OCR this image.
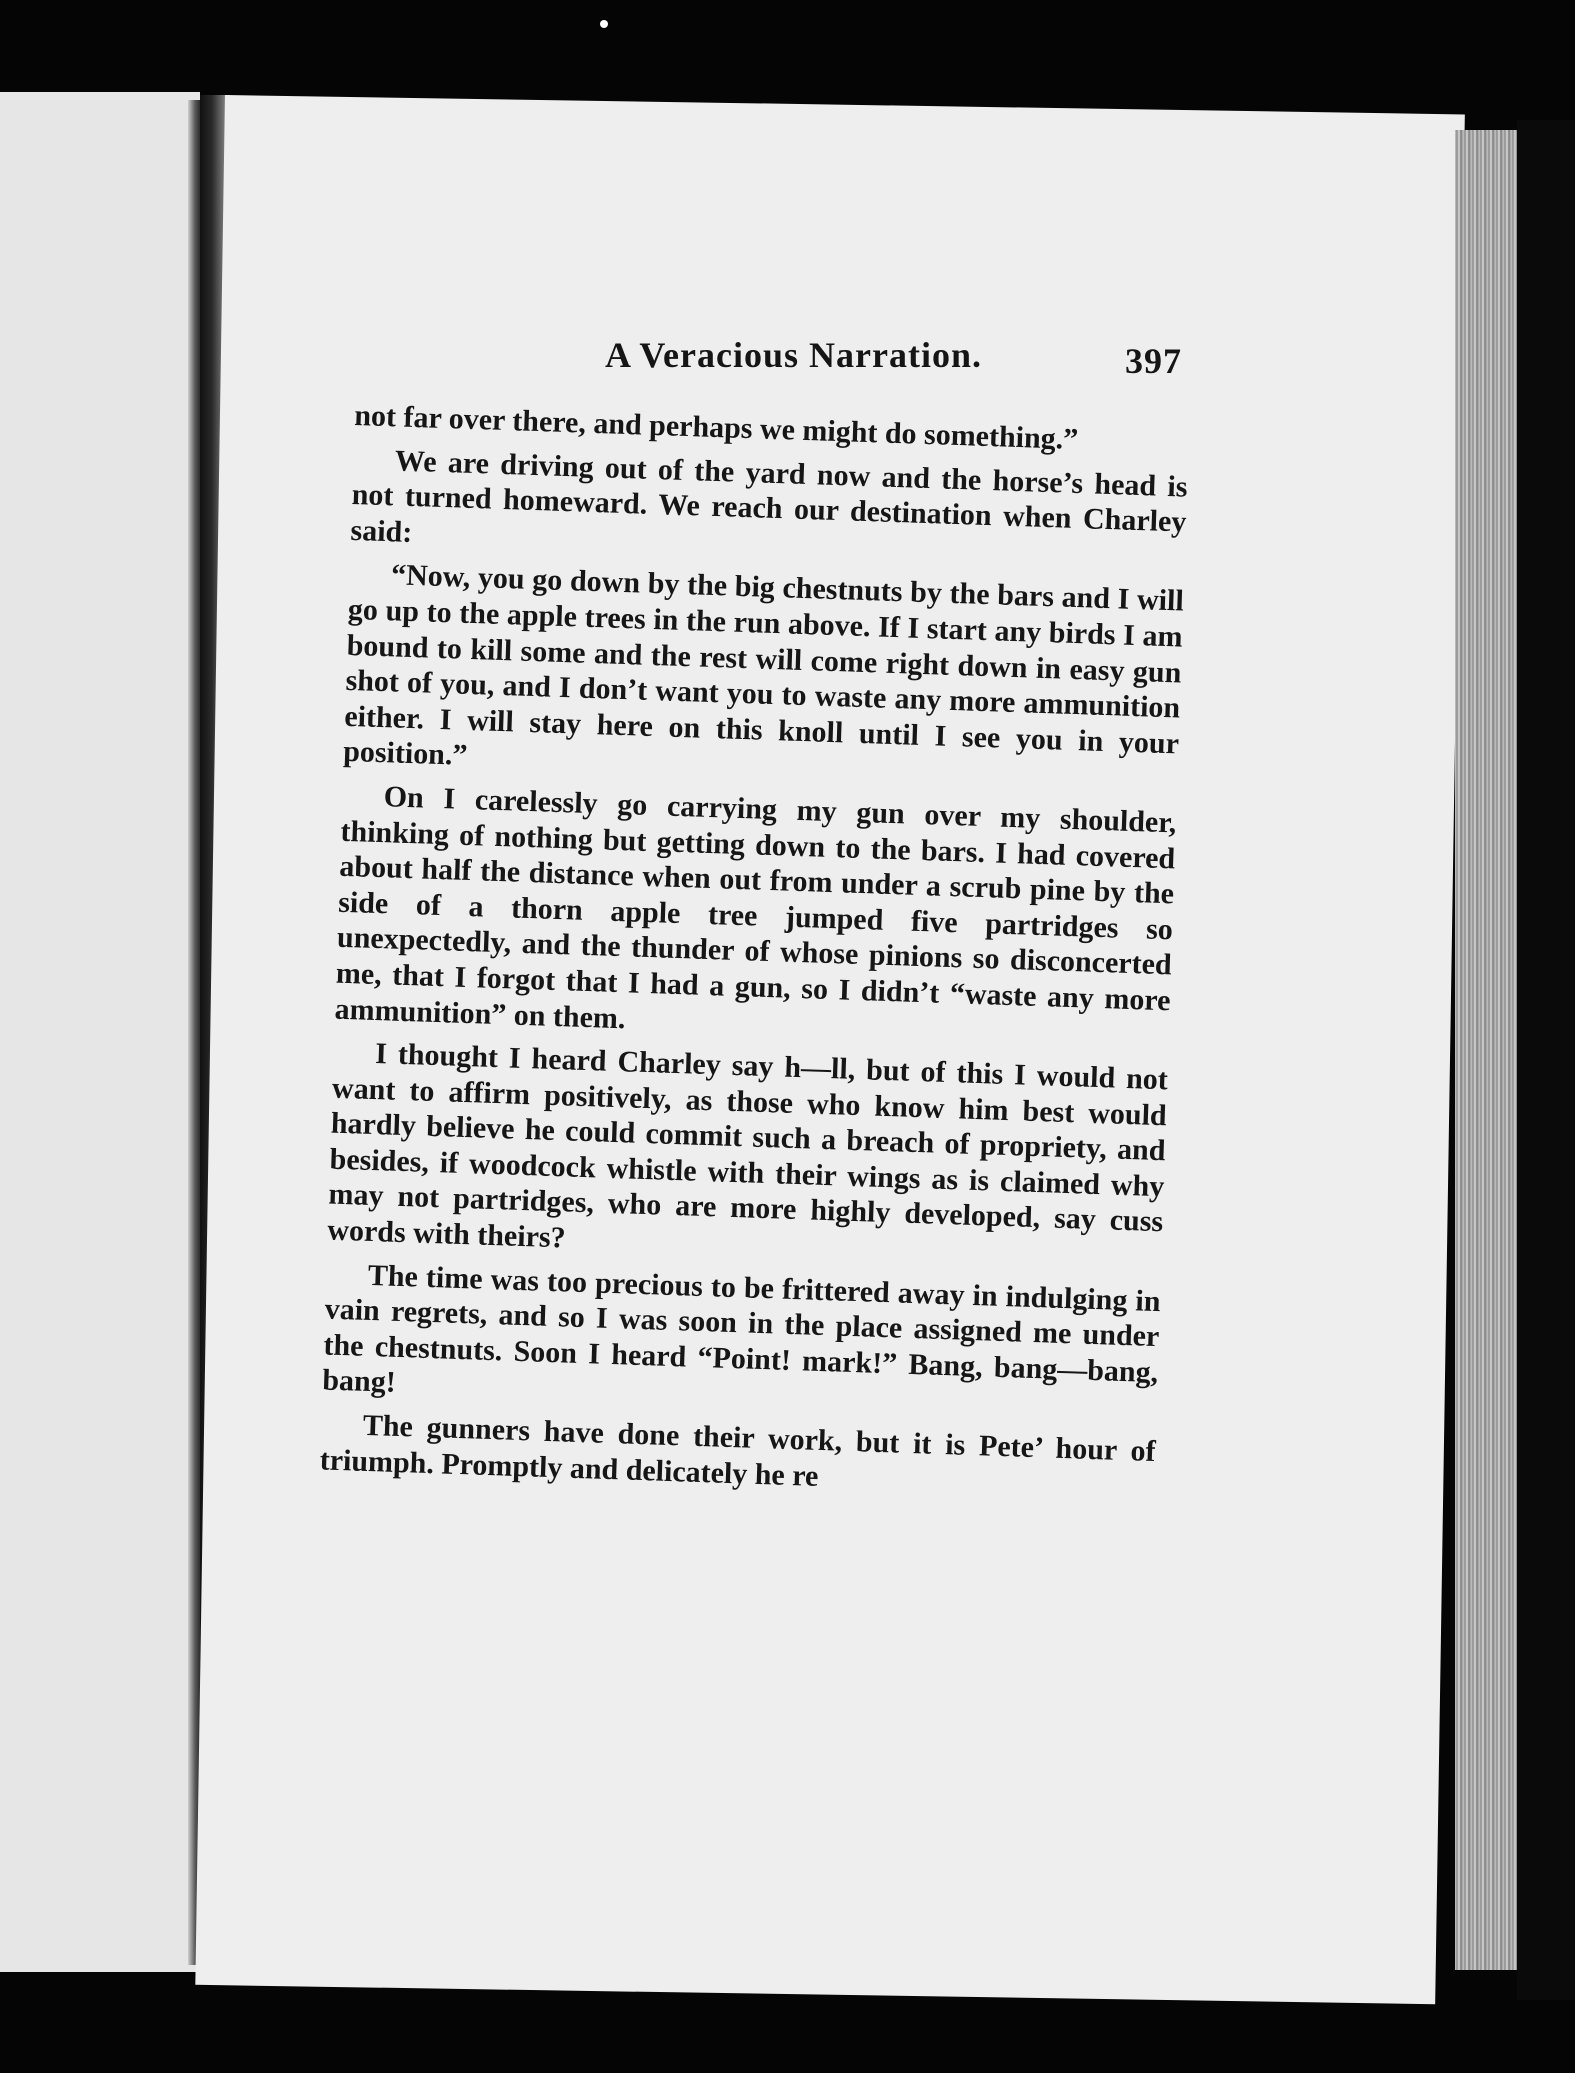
A Veracious Narration.	397

not far over there, and perhaps we might do something.”

We are driving out of the yard now and the horse’s head is not turned homeward. We reach our destination when Charley said:

“Now, you go down by the big chestnuts by the bars and I will go up to the apple trees in the run above. If I start any birds I am bound to kill some and the rest will come right down in easy gun shot of you, and I don’t want you to waste any more ammunition either. I will stay here on this knoll until I see you in your position.”

On I carelessly go carrying my gun over my shoulder, thinking of nothing but getting down to the bars. I had covered about half the distance when out from under a scrub pine by the side of a thorn apple tree jumped five partridges so unexpectedly, and the thunder of whose pinions so disconcerted me, that I forgot that I had a gun, so I didn’t “waste any more ammunition” on them.

I thought I heard Charley say h—ll, but of this I would not want to affirm positively, as those who know him best would hardly believe he could commit such a breach of propriety, and besides, if woodcock whistle with their wings as is claimed why may not partridges, who are more highly developed, say cuss words with theirs?

The time was too precious to be frittered away in indulging in vain regrets, and so I was soon in the place assigned me under the chestnuts. Soon I heard “Point! mark!” Bang, bang—bang, bang!

The gunners have done their work, but it is Pete’ hour of triumph. Promptly and delicately he re
